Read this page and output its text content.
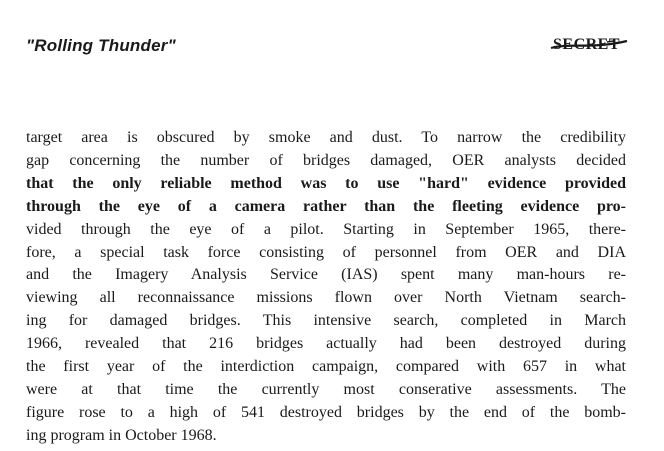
"Rolling Thunder"	SECRET
target area is obscured by smoke and dust. To narrow the credibility
gap concerning the number of bridges damaged, OER analysts decided
that the only reliable method was to use "hard" evidence provided
through the eye of a camera rather than the fleeting evidence pro-
vided through the eye of a pilot. Starting in September 1965, there-
fore, a special task force consisting of personnel from OER and DIA
and the Imagery Analysis Service (IAS) spent many man-hours re-
viewing all reconnaissance missions flown over North Vietnam search-
ing for damaged bridges. This intensive search, completed in March
1966, revealed that 216 bridges actually had been destroyed during
the first year of the interdiction campaign, compared with 657 in what
were at that time the currently most conserative assessments. The
figure rose to a high of 541 destroyed bridges by the end of the bomb-
ing program in October 1968.
